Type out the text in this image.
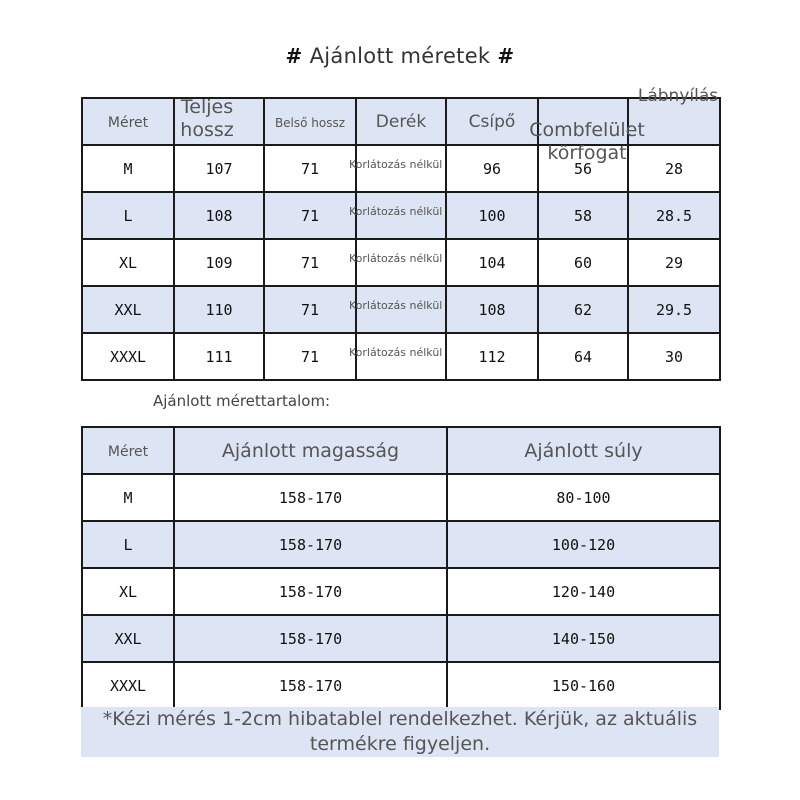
# Ajánlott méretek #
Méret	Teljes hossz	Belső hossz	Derék	Csípő	Combfelület körfogat	Lábnyílás

M	107	71	Korlátozás nélkül	96	56	28
L	108	71	Korlátozás nélkül	100	58	28.5
XL	109	71	Korlátozás nélkül	104	60	29
XXL	110	71	Korlátozás nélkül	108	62	29.5
XXXL	111	71	Korlátozás nélkül	112	64	30
Ajánlott mérettartalom:
Méret	Ajánlott magasság	Ajánlott súly
M	158-170	80-100
L	158-170	100-120
XL	158-170	120-140
XXL	158-170	140-150
XXXL	158-170	150-160
*Kézi mérés 1-2cm hibatablel rendelkezhet. Kérjük, az aktuális termékre figyeljen.
